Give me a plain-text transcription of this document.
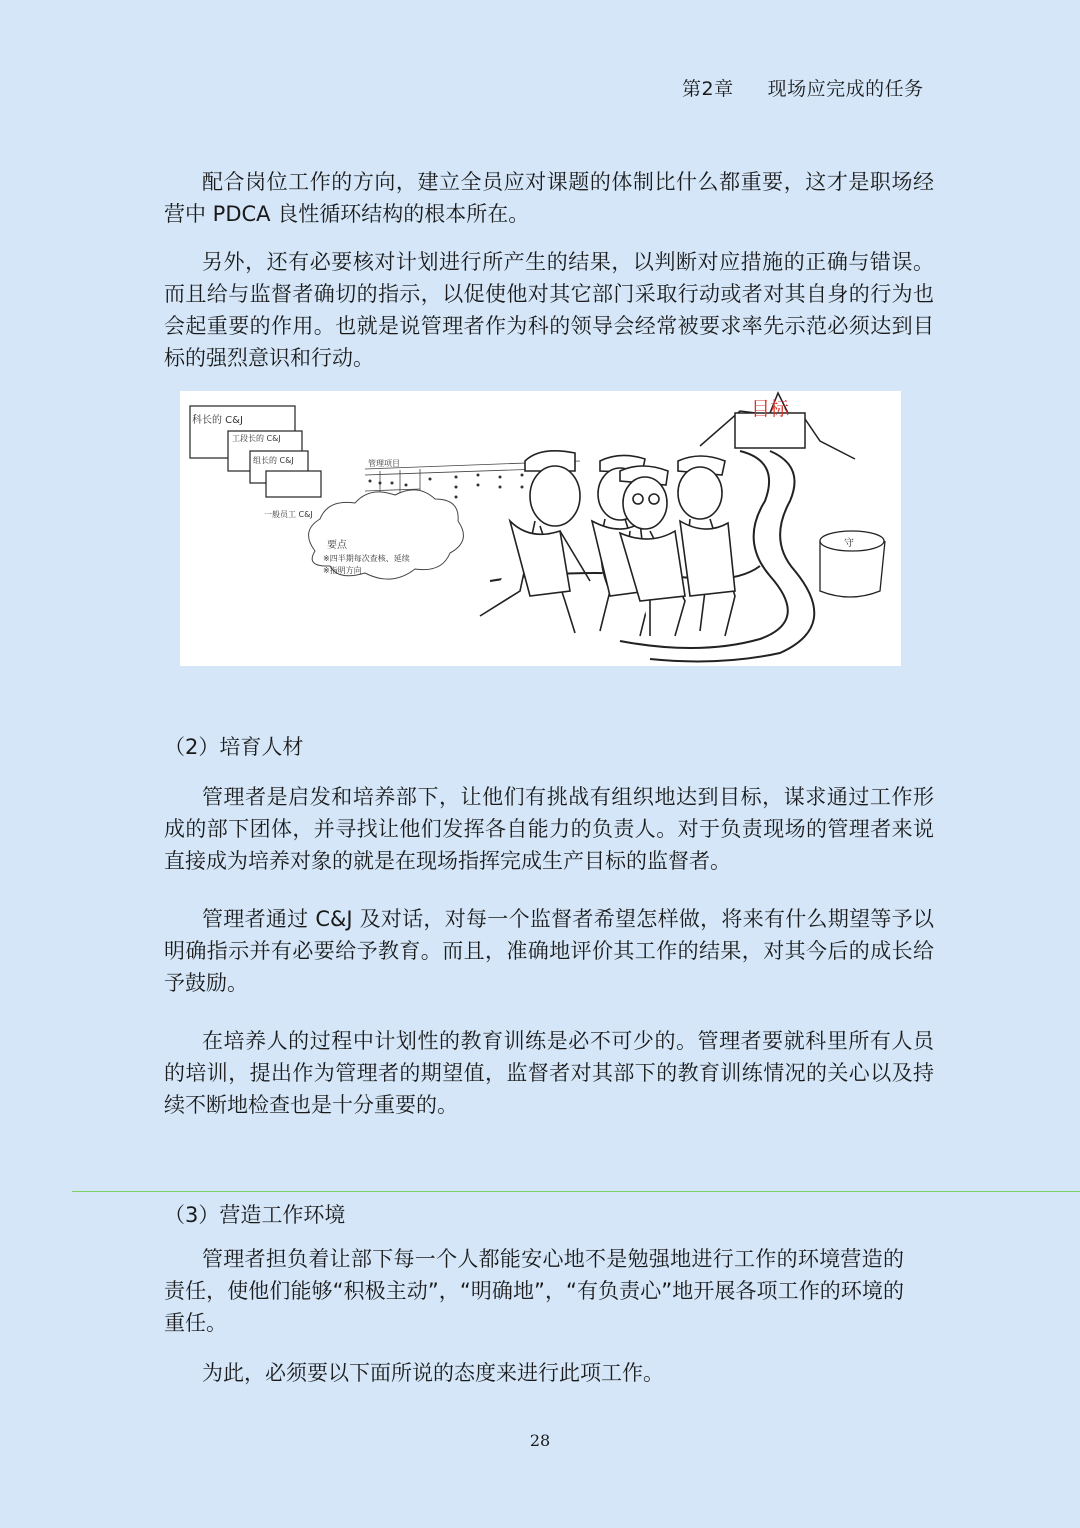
第2章 现场应完成的任务

配合岗位工作的方向，建立全员应对课题的体制比什么都重要，这才是职场经营中 PDCA 良性循环结构的根本所在。

另外，还有必要核对计划进行所产生的结果，以判断对应措施的正确与错误。而且给与监督者确切的指示，以促使他对其它部门采取行动或者对其自身的行为也会起重要的作用。也就是说管理者作为科的领导会经常被要求率先示范必须达到目标的强烈意识和行动。

科长的 C&J
工段长的 C&J
组长的 C&J
一般员工 C&J
管理项目
要点
※四半期每次查核、延续
※指明方向
目标
守

（2）培育人材

管理者是启发和培养部下，让他们有挑战有组织地达到目标，谋求通过工作形成的部下团体，并寻找让他们发挥各自能力的负责人。对于负责现场的管理者来说直接成为培养对象的就是在现场指挥完成生产目标的监督者。

管理者通过 C&J 及对话，对每一个监督者希望怎样做，将来有什么期望等予以明确指示并有必要给予教育。而且，准确地评价其工作的结果，对其今后的成长给予鼓励。

在培养人的过程中计划性的教育训练是必不可少的。管理者要就科里所有人员的培训，提出作为管理者的期望值，监督者对其部下的教育训练情况的关心以及持续不断地检查也是十分重要的。

（3）营造工作环境

管理者担负着让部下每一个人都能安心地不是勉强地进行工作的环境营造的责任，使他们能够“积极主动”，“明确地”，“有负责心”地开展各项工作的环境的重任。

为此，必须要以下面所说的态度来进行此项工作。

28
